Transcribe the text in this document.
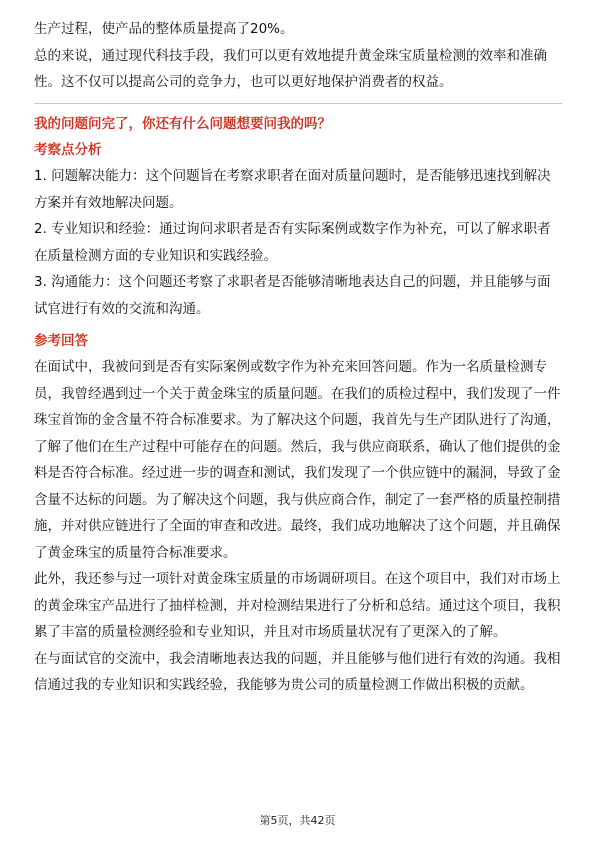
生产过程，使产品的整体质量提高了20%。

总的来说，通过现代科技手段，我们可以更有效地提升黄金珠宝质量检测的效率和准确性。这不仅可以提高公司的竞争力，也可以更好地保护消费者的权益。

我的问题问完了，你还有什么问题想要问我的吗？

考察点分析

1. 问题解决能力：这个问题旨在考察求职者在面对质量问题时，是否能够迅速找到解决方案并有效地解决问题。

2. 专业知识和经验：通过询问求职者是否有实际案例或数字作为补充，可以了解求职者在质量检测方面的专业知识和实践经验。

3. 沟通能力：这个问题还考察了求职者是否能够清晰地表达自己的问题，并且能够与面试官进行有效的交流和沟通。

参考回答

在面试中，我被问到是否有实际案例或数字作为补充来回答问题。作为一名质量检测专员，我曾经遇到过一个关于黄金珠宝的质量问题。在我们的质检过程中，我们发现了一件珠宝首饰的金含量不符合标准要求。为了解决这个问题，我首先与生产团队进行了沟通，了解了他们在生产过程中可能存在的问题。然后，我与供应商联系，确认了他们提供的金料是否符合标准。经过进一步的调查和测试，我们发现了一个供应链中的漏洞，导致了金含量不达标的问题。为了解决这个问题，我与供应商合作，制定了一套严格的质量控制措施，并对供应链进行了全面的审查和改进。最终，我们成功地解决了这个问题，并且确保了黄金珠宝的质量符合标准要求。

此外，我还参与过一项针对黄金珠宝质量的市场调研项目。在这个项目中，我们对市场上的黄金珠宝产品进行了抽样检测，并对检测结果进行了分析和总结。通过这个项目，我积累了丰富的质量检测经验和专业知识，并且对市场质量状况有了更深入的了解。

在与面试官的交流中，我会清晰地表达我的问题，并且能够与他们进行有效的沟通。我相信通过我的专业知识和实践经验，我能够为贵公司的质量检测工作做出积极的贡献。

第5页，共42页
